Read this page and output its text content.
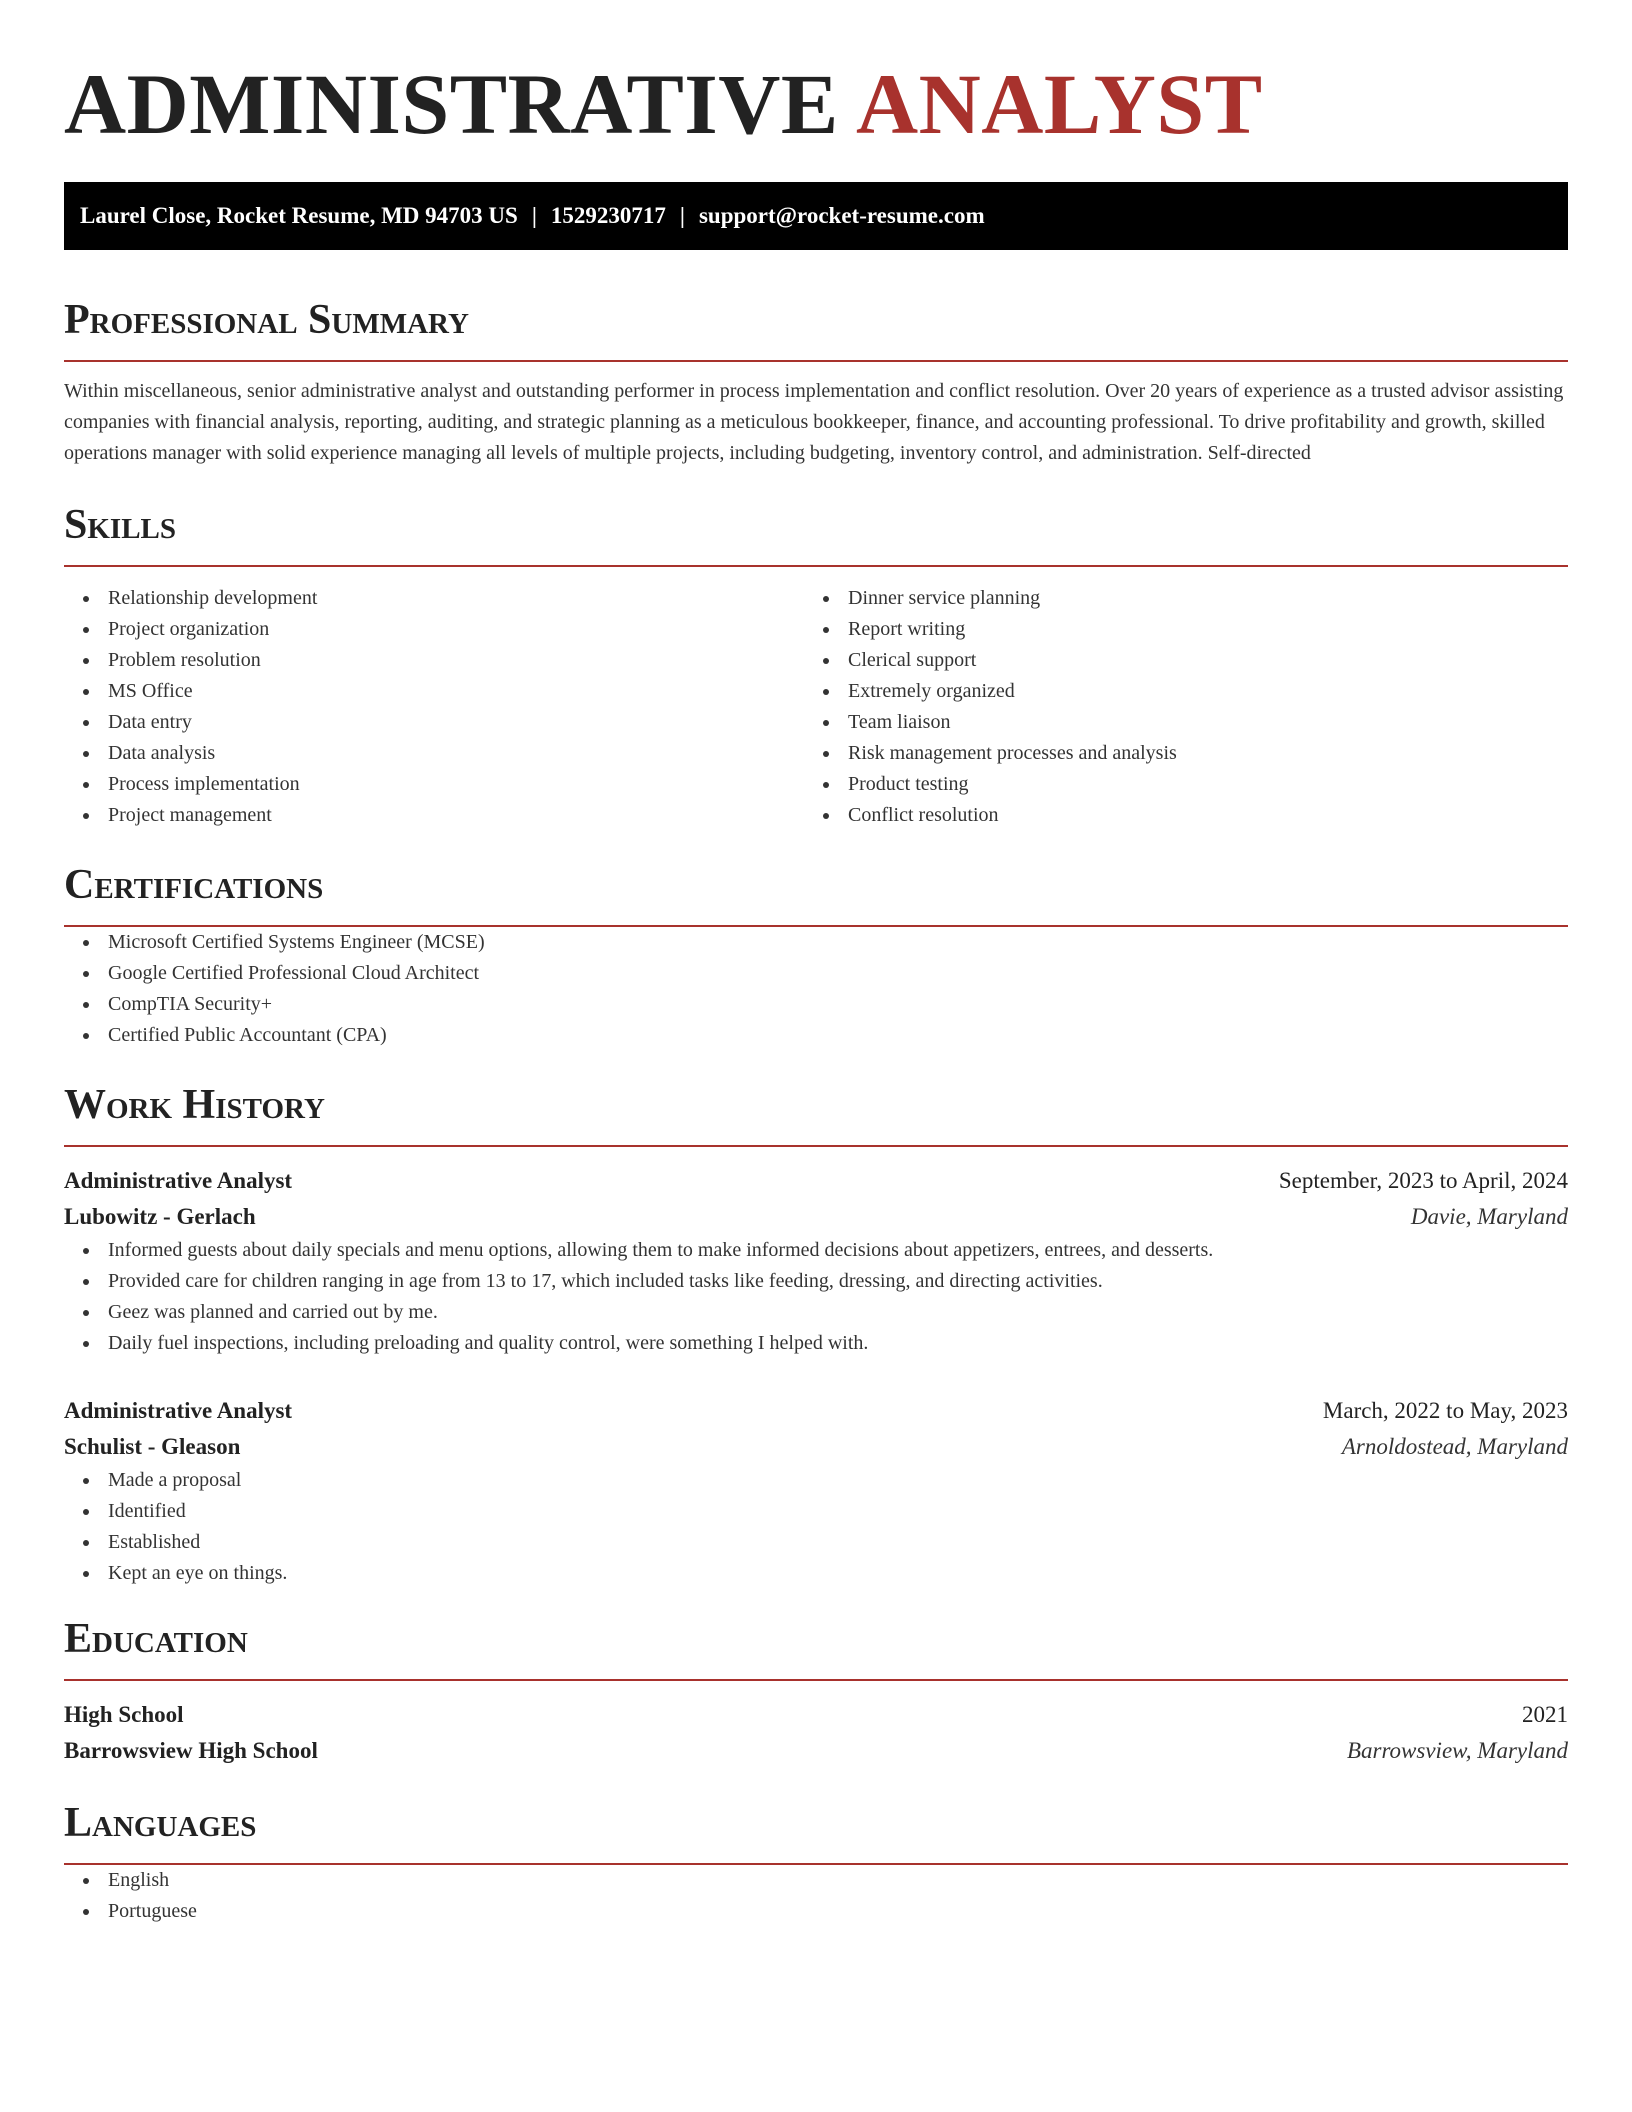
ADMINISTRATIVE ANALYST
Laurel Close, Rocket Resume, MD 94703 US | 1529230717 | support@rocket-resume.com
Professional Summary

Within miscellaneous, senior administrative analyst and outstanding performer in process implementation and conflict resolution. Over 20 years of experience as a trusted advisor assisting companies with financial analysis, reporting, auditing, and strategic planning as a meticulous bookkeeper, finance, and accounting professional. To drive profitability and growth, skilled operations manager with solid experience managing all levels of multiple projects, including budgeting, inventory control, and administration. Self-directed

Skills
Relationship development
Project organization
Problem resolution
MS Office
Data entry
Data analysis
Process implementation
Project management
Dinner service planning
Report writing
Clerical support
Extremely organized
Team liaison
Risk management processes and analysis
Product testing
Conflict resolution
Certifications
Microsoft Certified Systems Engineer (MCSE)
Google Certified Professional Cloud Architect
CompTIA Security+
Certified Public Accountant (CPA)
Work History
Administrative Analyst	September, 2023 to April, 2024
Lubowitz - Gerlach	Davie, Maryland
Informed guests about daily specials and menu options, allowing them to make informed decisions about appetizers, entrees, and desserts.
Provided care for children ranging in age from 13 to 17, which included tasks like feeding, dressing, and directing activities.
Geez was planned and carried out by me.
Daily fuel inspections, including preloading and quality control, were something I helped with.
Administrative Analyst	March, 2022 to May, 2023
Schulist - Gleason	Arnoldostead, Maryland
Made a proposal
Identified
Established
Kept an eye on things.
Education
High School	2021
Barrowsview High School	Barrowsview, Maryland
Languages
English
Portuguese
